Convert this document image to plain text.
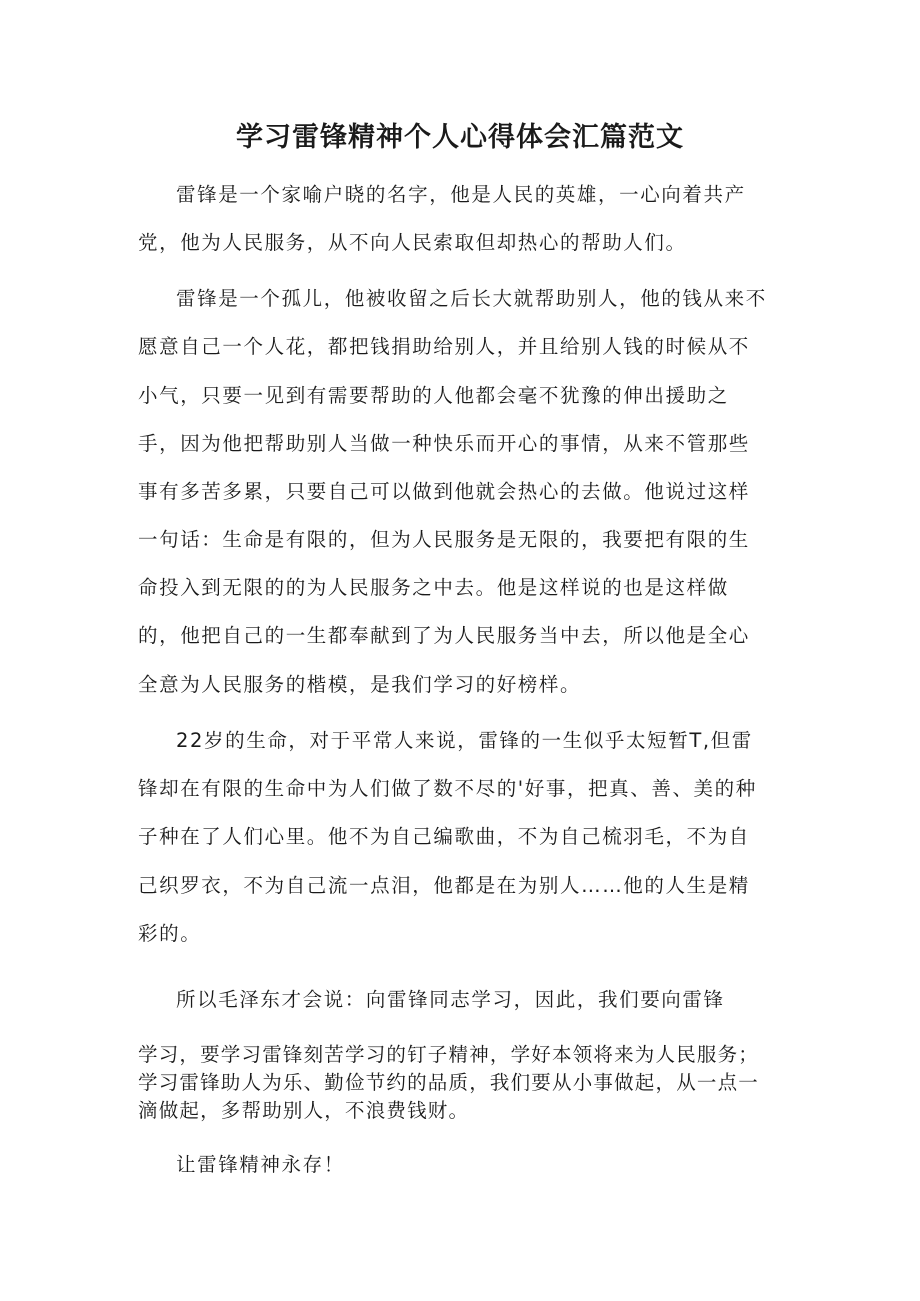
学习雷锋精神个人心得体会汇篇范文

雷锋是一个家喻户晓的名字，他是人民的英雄，一心向着共产

党，他为人民服务，从不向人民索取但却热心的帮助人们。

雷锋是一个孤儿，他被收留之后长大就帮助别人，他的钱从来不

愿意自己一个人花，都把钱捐助给别人，并且给别人钱的时候从不

小气，只要一见到有需要帮助的人他都会毫不犹豫的伸出援助之

手，因为他把帮助别人当做一种快乐而开心的事情，从来不管那些

事有多苦多累，只要自己可以做到他就会热心的去做。他说过这样

一句话：生命是有限的，但为人民服务是无限的，我要把有限的生

命投入到无限的的为人民服务之中去。他是这样说的也是这样做

的，他把自己的一生都奉献到了为人民服务当中去，所以他是全心

全意为人民服务的楷模，是我们学习的好榜样。

22岁的生命，对于平常人来说，雷锋的一生似乎太短暂T,但雷

锋却在有限的生命中为人们做了数不尽的'好事，把真、善、美的种

子种在了人们心里。他不为自己编歌曲，不为自己梳羽毛，不为自

己织罗衣，不为自己流一点泪，他都是在为别人……他的人生是精

彩的。

所以毛泽东才会说：向雷锋同志学习，因此，我们要向雷锋

学习，要学习雷锋刻苦学习的钉子精神，学好本领将来为人民服务；

学习雷锋助人为乐、勤俭节约的品质，我们要从小事做起，从一点一

滴做起，多帮助别人，不浪费钱财。

让雷锋精神永存！
